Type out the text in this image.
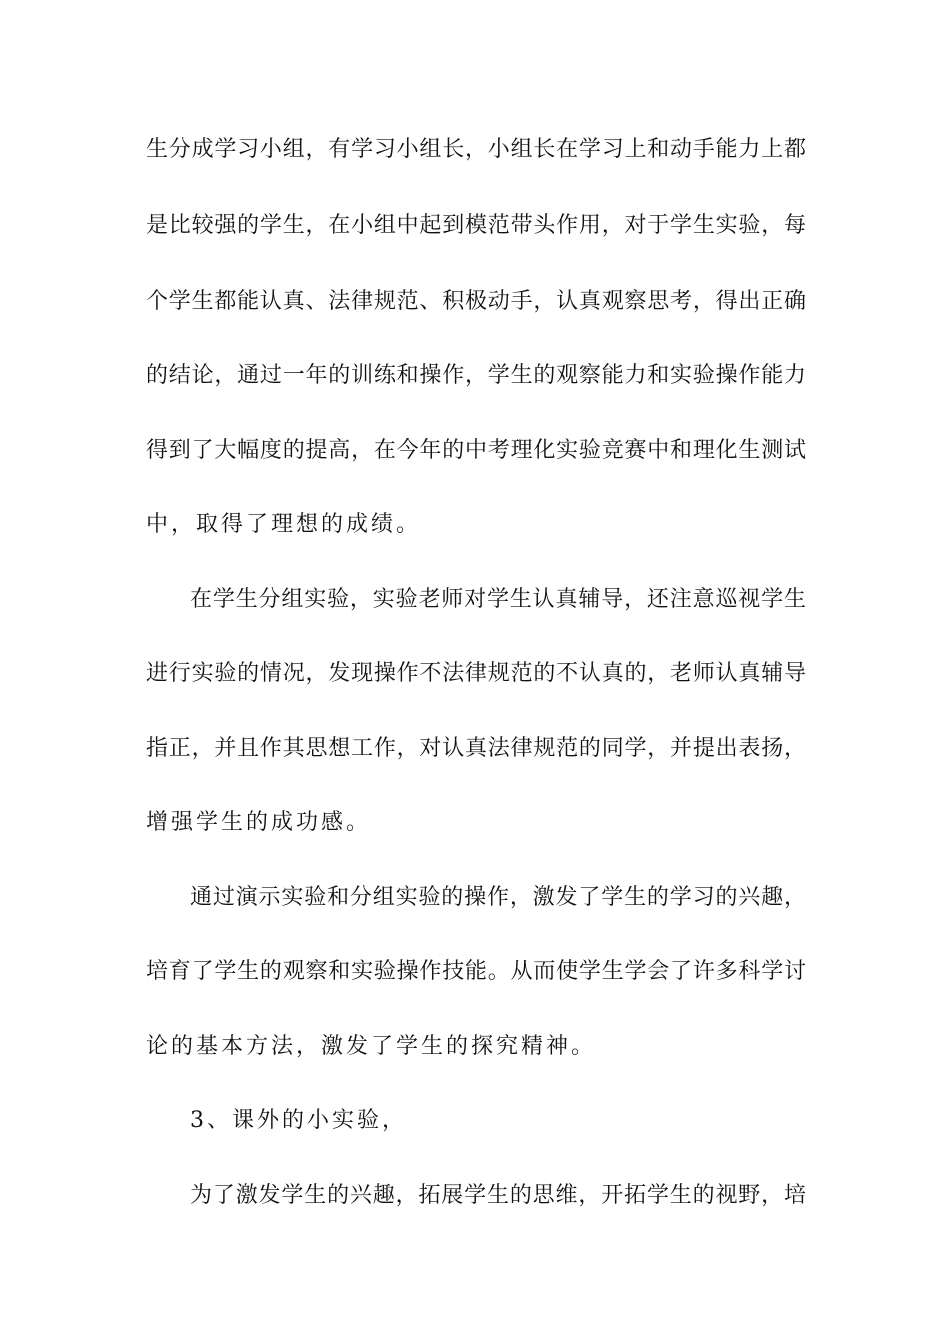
生分成学习小组，有学习小组长，小组长在学习上和动手能力上都
是比较强的学生，在小组中起到模范带头作用，对于学生实验，每
个学生都能认真、法律规范、积极动手，认真观察思考，得出正确
的结论，通过一年的训练和操作，学生的观察能力和实验操作能力
得到了大幅度的提高，在今年的中考理化实验竞赛中和理化生测试
中，取得了理想的成绩。
在学生分组实验，实验老师对学生认真辅导，还注意巡视学生
进行实验的情况，发现操作不法律规范的不认真的，老师认真辅导
指正，并且作其思想工作，对认真法律规范的同学，并提出表扬，
增强学生的成功感。
通过演示实验和分组实验的操作，激发了学生的学习的兴趣，
培育了学生的观察和实验操作技能。从而使学生学会了许多科学讨
论的基本方法，激发了学生的探究精神。
3、课外的小实验，
为了激发学生的兴趣，拓展学生的思维，开拓学生的视野，培
